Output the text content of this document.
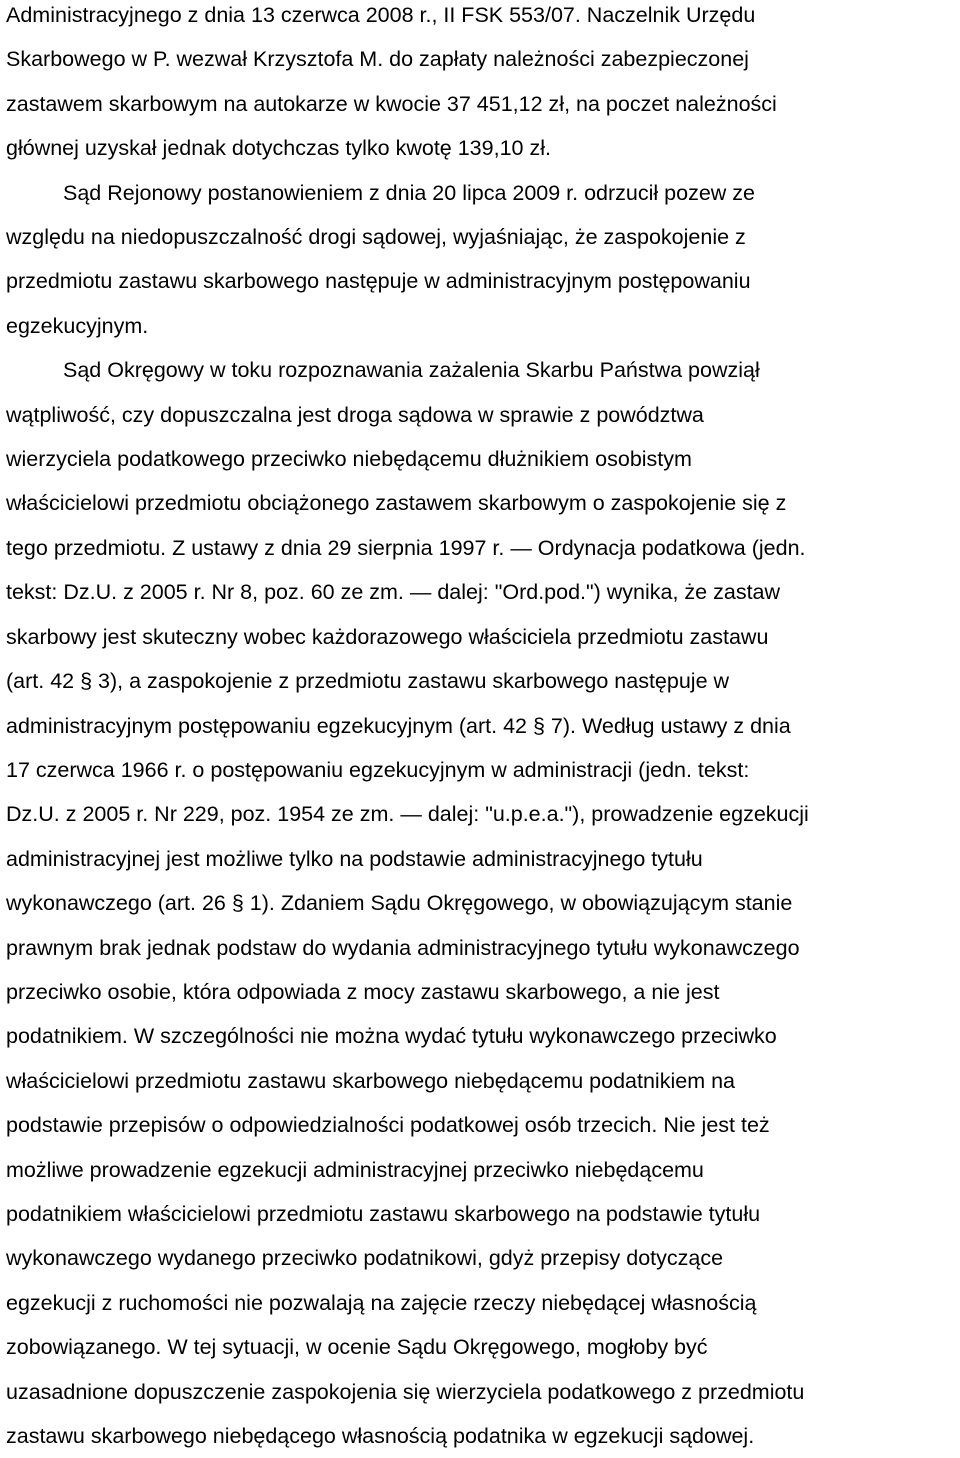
Administracyjnego z dnia 13 czerwca 2008 r., II FSK 553/07. Naczelnik Urzędu
Skarbowego w P. wezwał Krzysztofa M. do zapłaty należności zabezpieczonej
zastawem skarbowym na autokarze w kwocie 37 451,12 zł, na poczet należności
głównej uzyskał jednak dotychczas tylko kwotę 139,10 zł.
Sąd Rejonowy postanowieniem z dnia 20 lipca 2009 r. odrzucił pozew ze
względu na niedopuszczalność drogi sądowej, wyjaśniając, że zaspokojenie z
przedmiotu zastawu skarbowego następuje w administracyjnym postępowaniu
egzekucyjnym.
Sąd Okręgowy w toku rozpoznawania zażalenia Skarbu Państwa powziął
wątpliwość, czy dopuszczalna jest droga sądowa w sprawie z powództwa
wierzyciela podatkowego przeciwko niebędącemu dłużnikiem osobistym
właścicielowi przedmiotu obciążonego zastawem skarbowym o zaspokojenie się z
tego przedmiotu. Z ustawy z dnia 29 sierpnia 1997 r. — Ordynacja podatkowa (jedn.
tekst: Dz.U. z 2005 r. Nr 8, poz. 60 ze zm. — dalej: "Ord.pod.") wynika, że zastaw
skarbowy jest skuteczny wobec każdorazowego właściciela przedmiotu zastawu
(art. 42 § 3), a zaspokojenie z przedmiotu zastawu skarbowego następuje w
administracyjnym postępowaniu egzekucyjnym (art. 42 § 7). Według ustawy z dnia
17 czerwca 1966 r. o postępowaniu egzekucyjnym w administracji (jedn. tekst:
Dz.U. z 2005 r. Nr 229, poz. 1954 ze zm. — dalej: "u.p.e.a."), prowadzenie egzekucji
administracyjnej jest możliwe tylko na podstawie administracyjnego tytułu
wykonawczego (art. 26 § 1). Zdaniem Sądu Okręgowego, w obowiązującym stanie
prawnym brak jednak podstaw do wydania administracyjnego tytułu wykonawczego
przeciwko osobie, która odpowiada z mocy zastawu skarbowego, a nie jest
podatnikiem. W szczególności nie można wydać tytułu wykonawczego przeciwko
właścicielowi przedmiotu zastawu skarbowego niebędącemu podatnikiem na
podstawie przepisów o odpowiedzialności podatkowej osób trzecich. Nie jest też
możliwe prowadzenie egzekucji administracyjnej przeciwko niebędącemu
podatnikiem właścicielowi przedmiotu zastawu skarbowego na podstawie tytułu
wykonawczego wydanego przeciwko podatnikowi, gdyż przepisy dotyczące
egzekucji z ruchomości nie pozwalają na zajęcie rzeczy niebędącej własnością
zobowiązanego. W tej sytuacji, w ocenie Sądu Okręgowego, mogłoby być
uzasadnione dopuszczenie zaspokojenia się wierzyciela podatkowego z przedmiotu
zastawu skarbowego niebędącego własnością podatnika w egzekucji sądowej.
